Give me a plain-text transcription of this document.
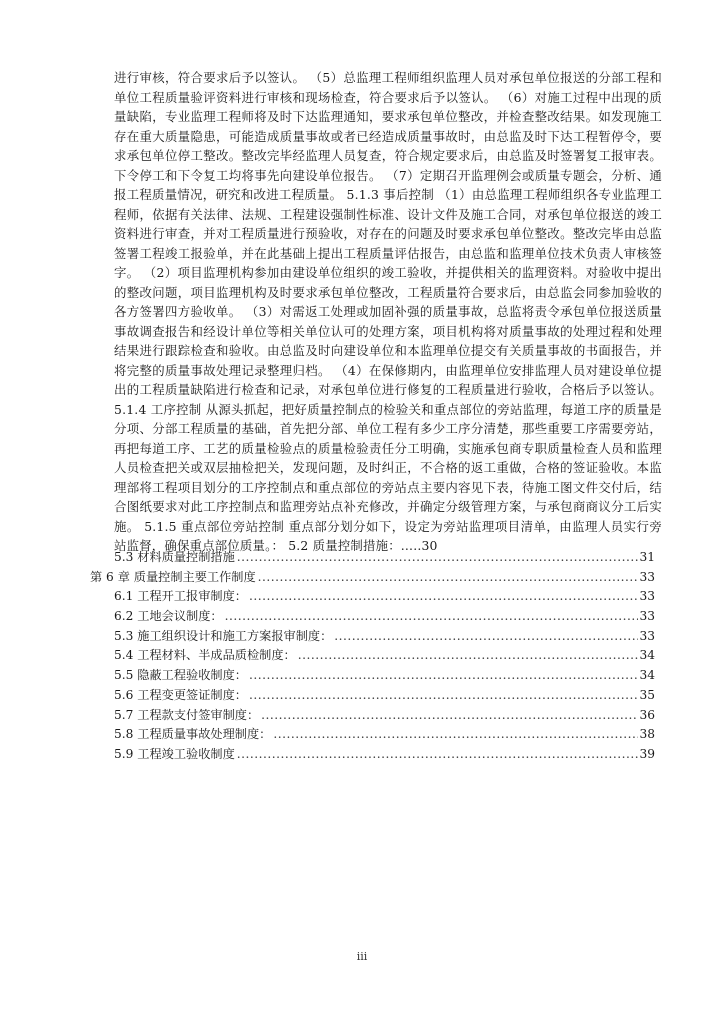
进行审核，符合要求后予以签认。 （5）总监理工程师组织监理人员对承包单位报送的分部工程和单位工程质量验评资料进行审核和现场检查，符合要求后予以签认。 （6）对施工过程中出现的质量缺陷，专业监理工程师将及时下达监理通知，要求承包单位整改，并检查整改结果。如发现施工存在重大质量隐患，可能造成质量事故或者已经造成质量事故时，由总监及时下达工程暂停令，要求承包单位停工整改。整改完毕经监理人员复查，符合规定要求后，由总监及时签署复工报审表。下令停工和下令复工均将事先向建设单位报告。 （7）定期召开监理例会或质量专题会，分析、通报工程质量情况，研究和改进工程质量。 5.1.3 事后控制 （1）由总监理工程师组织各专业监理工程师，依据有关法律、法规、工程建设强制性标准、设计文件及施工合同，对承包单位报送的竣工资料进行审查，并对工程质量进行预验收，对存在的问题及时要求承包单位整改。整改完毕由总监签署工程竣工报验单，并在此基础上提出工程质量评估报告，由总监和监理单位技术负责人审核签字。 （2）项目监理机构参加由建设单位组织的竣工验收，并提供相关的监理资料。对验收中提出的整改问题，项目监理机构及时要求承包单位整改，工程质量符合要求后，由总监会同参加验收的各方签署四方验收单。 （3）对需返工处理或加固补强的质量事故，总监将责令承包单位报送质量事故调查报告和经设计单位等相关单位认可的处理方案，项目机构将对质量事故的处理过程和处理结果进行跟踪检查和验收。由总监及时向建设单位和本监理单位提交有关质量事故的书面报告，并将完整的质量事故处理记录整理归档。 （4）在保修期内，由监理单位安排监理人员对建设单位提出的工程质量缺陷进行检查和记录，对承包单位进行修复的工程质量进行验收，合格后予以签认。 5.1.4 工序控制 从源头抓起，把好质量控制点的检验关和重点部位的旁站监理，每道工序的质量是分项、分部工程质量的基础，首先把分部、单位工程有多少工序分清楚，那些重要工序需要旁站，再把每道工序、工艺的质量检验点的质量检验责任分工明确，实施承包商专职质量检查人员和监理人员检查把关或双层抽检把关，发现问题，及时纠正，不合格的返工重做，合格的签证验收。本监理部将工程项目划分的工序控制点和重点部位的旁站点主要内容见下表，待施工图文件交付后，结合图纸要求对此工序控制点和监理旁站点补充修改，并确定分级管理方案，与承包商商议分工后实施。 5.1.5 重点部位旁站控制 重点部分划分如下，设定为旁站监理项目清单，由监理人员实行旁站监督，确保重点部位质量。： 5.2 质量控制措施：.....30

5.3 材料质量控制措施 .....	31
第 6 章 质量控制主要工作制度 .....	33
6.1 工程开工报审制度： .....	33
6.2 工地会议制度： .....	33
5.3 施工组织设计和施工方案报审制度： .....	33
5.4 工程材料、半成品质检制度： .....	34
5.5 隐蔽工程验收制度： .....	34
5.6 工程变更签证制度： .....	35
5.7 工程款支付签审制度： .....	36
5.8 工程质量事故处理制度： .....	38
5.9 工程竣工验收制度 .....	39
iii
